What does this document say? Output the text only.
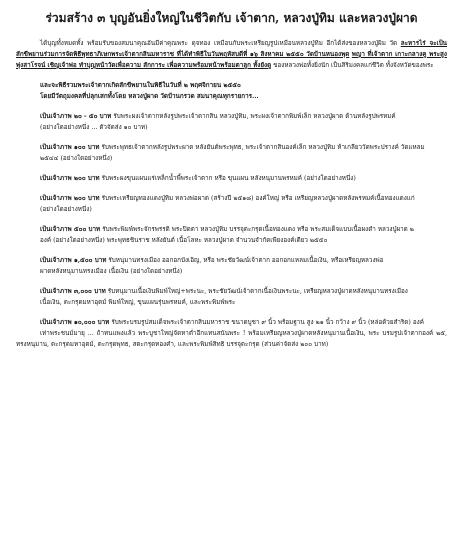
ร่วมสร้าง ๓ บุญอันยิ่งใหญ่ในชีวิตกับ เจ้าตาก, หลวงปู่ทิม และหลวงปู่ผาด
ได้บุญทั้งหมดทั้ง พร้อมรับของสมนาคุณอันมีค่าคุณพระ ดุจทอง เหมือนกับพระเหรียญรูปเหมือนหลวงปู่ทิม อีกได้ส่งของหลวงปู่ผิม วัด ละหารไร่ จะเป็นสักขีพยานร่วมการจัดพิธีพุทธาภิเษกพระเจ้าตากสินมหาราช ที่ได้ทำพิธีในวันพฤหัสบดีที่ ๑๖ สิงหาคม ๒๕๕๐ วัดบ้านหนองพุด พญา ที่เจ้าตาก เกาะกลางคู พระสูงพุ่งสาโรจน์ เชิญเจ้าพ่อ ทำบุญหน้าวัดเพื่อความ สักการะ เพื่อความพร้อมหน้าพร้อมตาลูก ทั้งยังดู ของหลวงพ่อทั้งยิ่งนัก เป็นสิริมงคลแก่ชีวิต ทั้งจังหวัดของพระ
และจะพิธีรวมพระเจ้าตากเกิดสักขีพยานในพิธีในวันที่ ๒ พฤศจิกายน ๒๕๕๐
โดยมีวัตถุมงคลที่ปลุกเสกทั้งโดย หลวงปู่ผาด วัดบ้านกรวด สมนาคุณทุกรายการ...
เป็นเจ้าภาพ ๒๐ - ๕๐ บาท รับพระผงเจ้าตากหลังรูปพระเจ้าตากสิน หลวงปู่ทิม, พระผงเจ้าตากพิมพ์เล็ก หลวงปู่ผาด ด้านหลังรูปพรหมค์
(อย่างใดอย่างหนึ่ง ... ตัวจัดส่ง ๑๐ บาท)
เป็นเจ้าภาพ ๑๐๐ บาท รับพระพุทธเจ้าตากหลังรูปพระผาด หลังยันต์พระพุทธ, พระเจ้าตากสินองค์เล็ก หลวงปู่ทิม ห้าเกลียววัดพระปรางค์ วัดแหลม
๒๕๔๔ (อย่างใดอย่างหนึ่ง)
เป็นเจ้าภาพ ๒๐๐ บาท รับพระผงขุนแผนแร่เหล็กน้ำพี้พระเจ้าตาก หรือ ขุนแผน หลังหนุมานพรหมค์ (อย่างใดอย่างหนึ่ง)
เป็นเจ้าภาพ ๒๐๐ บาท รับพระเหรียญทองแดงปู่ทิม หลวงพ่อผาด (สร้างปี ๒๕๑๘) องค์ใหญ่ หรือ เหรียญหลวงปู่ผาดหลังพรหมค์เนื้อทองแดงแก่
(อย่างใดอย่างหนึ่ง)
เป็นเจ้าภาพ ๕๐๐ บาท รับพระพิมพ์พระจักรพรรดิ พระปิดตา หลวงปู่ทิม บรรจุตะกรุดเนื้อทองแดง หรือ พระสมเด็จแบบเนื้อผงดำ หลวงปู่ผาด ๒
องค์ (อย่างใดอย่างหนึ่ง) พระพุทธชินราช หลังยันต์ เนื้อโลหะ หลวงปู่ผาด จำนวนจำกัดเพียงองค์เดียว ๒๕๕๐
เป็นเจ้าภาพ ๑,๕๐๐ บาท รับหนุมานทรงเมือง ออกอกบังเอิญ, หรือ พระชัยวัฒน์เจ้าตาก ออกอกแหลมเนื้อเงิน, หรือเหรียญหลวงพ่อ
ผาดหลังหนุมานทรงเมือง เนื้อเงิน (อย่างใดอย่างหนึ่ง)
เป็นเจ้าภาพ ๓,๐๐๐ บาท รับหนุมานเนื้อเงินพิมพ์ใหญ่+พระนะ, พระชัยวัฒน์เจ้าตากเนื้อเงินพระนะ, เหรียญหลวงปู่ผาดหลังหนุมานทรงเมือง
เนื้อเงิน, ตะกรุดมหาอุตม์ พิมพ์ใหญ่, ขุนแผนรุ่นพรหมค์, และพระพิมพ์พระ
เป็นเจ้าภาพ ๑๐,๐๐๐ บาท รับพระบรมรูปสมเด็จพระเจ้าตากสินมหาราช ขนาดบูชา ๙ นิ้ว พร้อมฐาน สูง ๒๑ นิ้ว กว้าง ๙ นิ้ว (หล่อด้วยสำริด) องค์
เท่าพระชนม์มายุ ... ถ้าทนแพงแล้ว พระบูชาใหญ่จัดหาต่ำอีกแทนสนันพระ ! พร้อมเหรียญหลวงปู่ผาดหลังหนุมานเนื้อเงิน, พระ บรมรูปเจ้าตากองค์ ๒๕, ทรงหนุมาน, ตะกรุดมหาอุตม์, ตะกรุดพุทธ, สตะกรุดทองคำ, และพระพิมพ์สิทธิ บรรจุตะกรุด (ส่วนค่าจัดส่ง ๒๐๐ บาท)
